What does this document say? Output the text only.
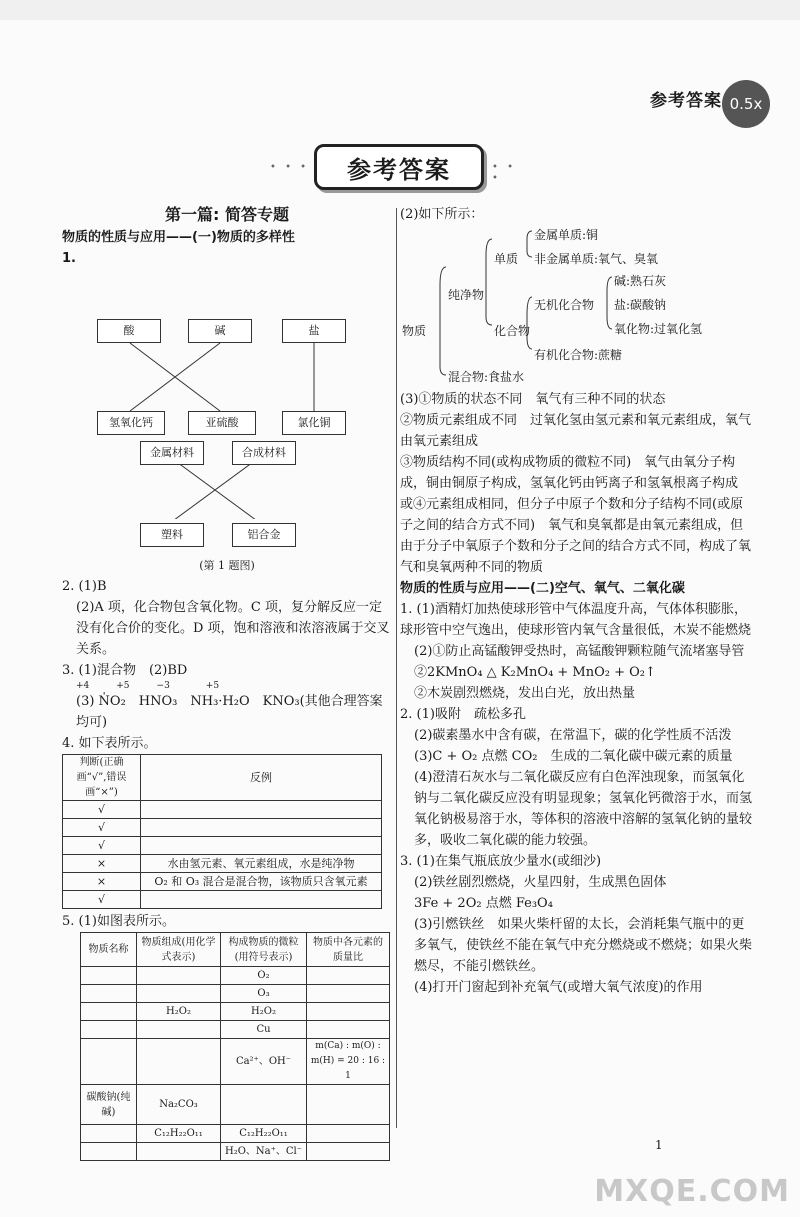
参考答案 0.5x
• • •	参考答案	• • •
第一篇: 简答专题
物质的性质与应用——(一)物质的多样性
1.
酸	碱	盐
氢氧化钙	亚硫酸	氯化铜
金属材料	合成材料
塑料	铝合金
(第 1 题图)
2. (1)B
(2)A 项，化合物包含氧化物。C 项，复分解反应一定没有化合价的变化。D 项，饱和溶液和浓溶液属于交叉关系。
3. (1)混合物　(2)BD
+4　　　+5　　　−3　　　　+5
(3) N̍O₂　HNO₃　NH₃·H₂O　KNO₃(其他合理答案均可)
4. 如下表所示。
判断(正确画“√”,错误画“×”)	反例
√	
√	
√	
×	水由氢元素、氧元素组成，水是纯净物
×	O₂ 和 O₃ 混合是混合物，该物质只含氧元素
√	
5. (1)如图表所示。
物质名称	物质组成(用化学式表示)	构成物质的微粒(用符号表示)	物质中各元素的质量比
		O₂	
		O₃	
	H₂O₂	H₂O₂	
		Cu	
		Ca²⁺、OH⁻	m(Ca) : m(O) : m(H) = 20 : 16 : 1
碳酸钠(纯碱)	Na₂CO₃		
	C₁₂H₂₂O₁₁	C₁₂H₂₂O₁₁	
		H₂O、Na⁺、Cl⁻	
(2)如下所示：
物质
纯净物
混合物:食盐水
单质
金属单质:铜
非金属单质:氧气、臭氧
化合物
无机化合物
碱:熟石灰
盐:碳酸钠
氧化物:过氧化氢
有机化合物:蔗糖
(3)①物质的状态不同　氧气有三种不同的状态
②物质元素组成不同　过氧化氢由氢元素和氧元素组成，氧气由氧元素组成
③物质结构不同(或构成物质的微粒不同)　氧气由氧分子构成，铜由铜原子构成，氢氧化钙由钙离子和氢氧根离子构成
或④元素组成相同，但分子中原子个数和分子结构不同(或原子之间的结合方式不同)　氧气和臭氧都是由氧元素组成，但由于分子中氧原子个数和分子之间的结合方式不同，构成了氧气和臭氧两种不同的物质
物质的性质与应用——(二)空气、氧气、二氧化碳
1. (1)酒精灯加热使球形管中气体温度升高，气体体积膨胀，球形管中空气逸出，使球形管内氧气含量很低，木炭不能燃烧
(2)①防止高锰酸钾受热时，高锰酸钾颗粒随气流堵塞导管　②2KMnO₄ △ K₂MnO₄ + MnO₂ + O₂↑
②木炭剧烈燃烧，发出白光，放出热量
2. (1)吸附　疏松多孔
(2)碳素墨水中含有碳，在常温下，碳的化学性质不活泼
(3)C + O₂ 点燃 CO₂　生成的二氧化碳中碳元素的质量
(4)澄清石灰水与二氧化碳反应有白色浑浊现象，而氢氧化钠与二氧化碳反应没有明显现象；氢氧化钙微溶于水，而氢氧化钠极易溶于水，等体积的溶液中溶解的氢氧化钠的量较多，吸收二氧化碳的能力较强。
3. (1)在集气瓶底放少量水(或细沙)
(2)铁丝剧烈燃烧，火星四射，生成黑色固体
3Fe + 2O₂ 点燃 Fe₃O₄
(3)引燃铁丝　如果火柴杆留的太长，会消耗集气瓶中的更多氧气，使铁丝不能在氧气中充分燃烧或不燃烧；如果火柴燃尽，不能引燃铁丝。
(4)打开门窗起到补充氧气(或增大氧气浓度)的作用
1
MXQE.COM
